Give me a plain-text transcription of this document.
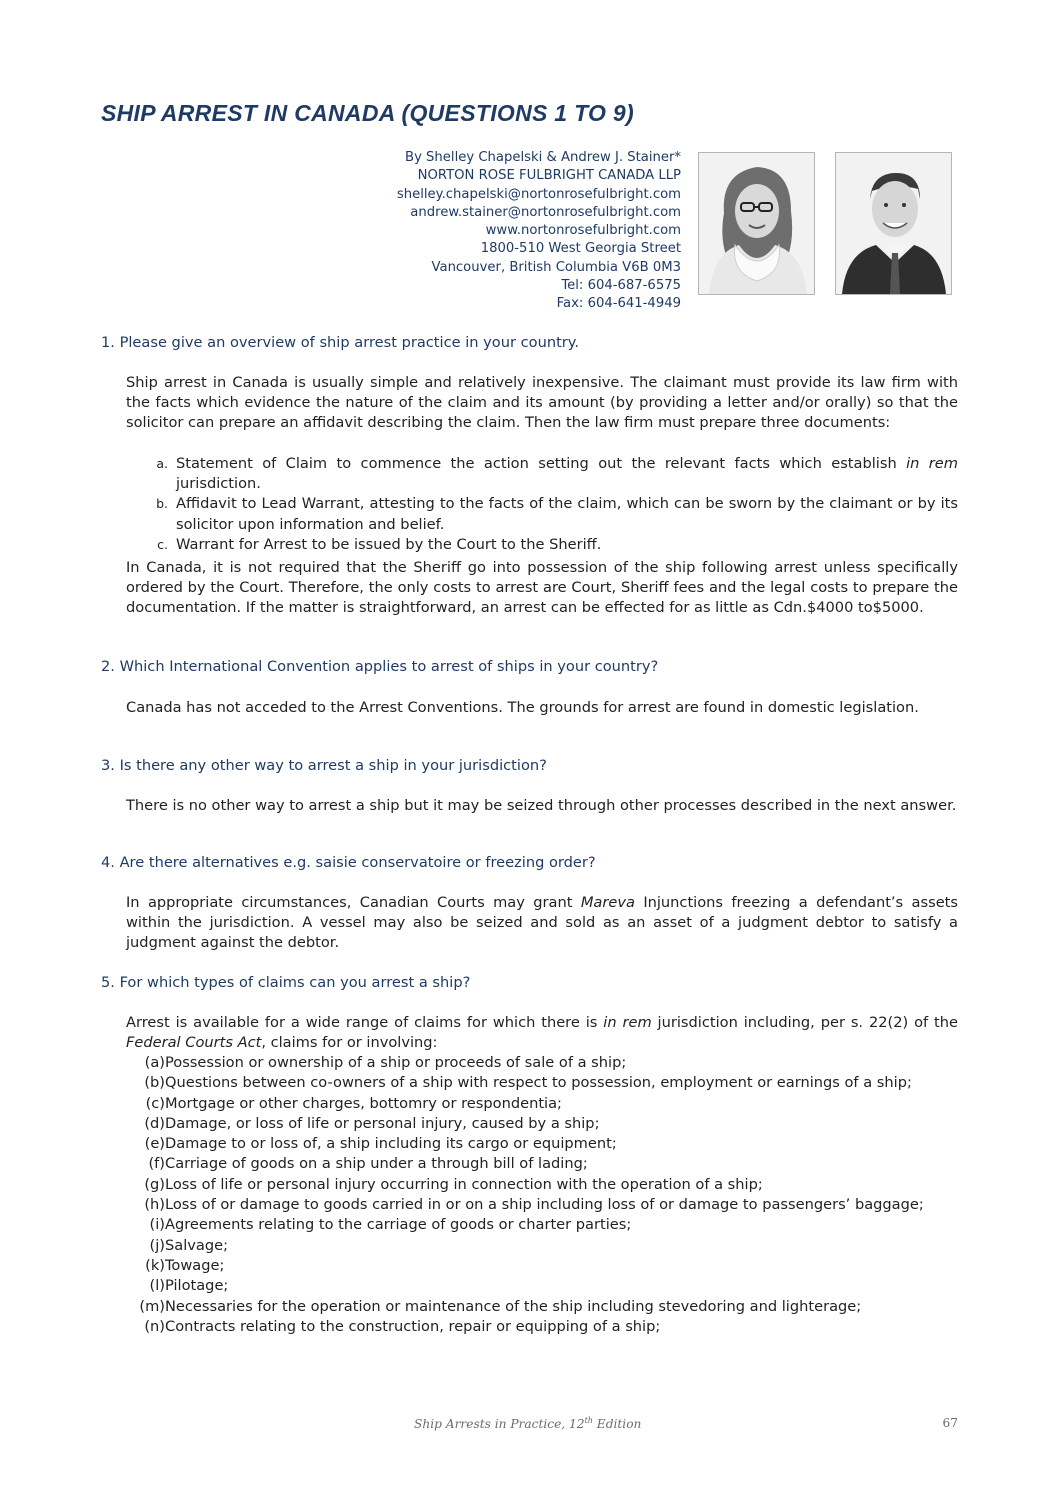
SHIP ARREST IN CANADA (QUESTIONS 1 TO 9)
By Shelley Chapelski & Andrew J. Stainer*
NORTON ROSE FULBRIGHT CANADA LLP
shelley.chapelski@nortonrosefulbright.com
andrew.stainer@nortonrosefulbright.com
www.nortonrosefulbright.com
1800-510 West Georgia Street
Vancouver, British Columbia V6B 0M3
Tel: 604-687-6575
Fax: 604-641-4949
1. Please give an overview of ship arrest practice in your country.

Ship arrest in Canada is usually simple and relatively inexpensive. The claimant must provide its law firm with the facts which evidence the nature of the claim and its amount (by providing a letter and/or orally) so that the solicitor can prepare an affidavit describing the claim. Then the law firm must prepare three documents:

a. Statement of Claim to commence the action setting out the relevant facts which establish in rem jurisdiction.
b. Affidavit to Lead Warrant, attesting to the facts of the claim, which can be sworn by the claimant or by its solicitor upon information and belief.
c. Warrant for Arrest to be issued by the Court to the Sheriff.

In Canada, it is not required that the Sheriff go into possession of the ship following arrest unless specifically ordered by the Court. Therefore, the only costs to arrest are Court, Sheriff fees and the legal costs to prepare the documentation. If the matter is straightforward, an arrest can be effected for as little as Cdn.$4000 to$5000.

2. Which International Convention applies to arrest of ships in your country?

Canada has not acceded to the Arrest Conventions. The grounds for arrest are found in domestic legislation.

3. Is there any other way to arrest a ship in your jurisdiction?

There is no other way to arrest a ship but it may be seized through other processes described in the next answer.

4. Are there alternatives e.g. saisie conservatoire or freezing order?

In appropriate circumstances, Canadian Courts may grant Mareva Injunctions freezing a defendant’s assets within the jurisdiction. A vessel may also be seized and sold as an asset of a judgment debtor to satisfy a judgment against the debtor.

5. For which types of claims can you arrest a ship?

Arrest is available for a wide range of claims for which there is in rem jurisdiction including, per s. 22(2) of the Federal Courts Act, claims for or involving:

(a) Possession or ownership of a ship or proceeds of sale of a ship;
(b) Questions between co-owners of a ship with respect to possession, employment or earnings of a ship;
(c) Mortgage or other charges, bottomry or respondentia;
(d) Damage, or loss of life or personal injury, caused by a ship;
(e) Damage to or loss of, a ship including its cargo or equipment;
(f) Carriage of goods on a ship under a through bill of lading;
(g) Loss of life or personal injury occurring in connection with the operation of a ship;
(h) Loss of or damage to goods carried in or on a ship including loss of or damage to passengers’ baggage;
(i) Agreements relating to the carriage of goods or charter parties;
(j) Salvage;
(k) Towage;
(l) Pilotage;
(m) Necessaries for the operation or maintenance of the ship including stevedoring and lighterage;
(n) Contracts relating to the construction, repair or equipping of a ship;
Ship Arrests in Practice, 12th Edition	67
